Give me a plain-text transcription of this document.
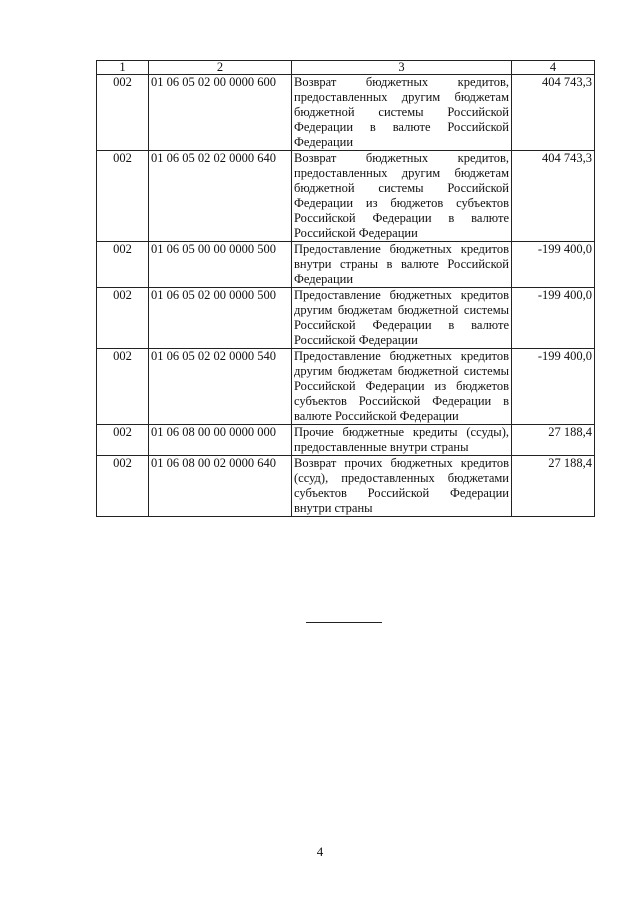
1	2	3	4
002	01 06 05 02 00 0000 600	Возврат бюджетных кредитов, предоставленных другим бюджетам бюджетной системы Российской Федерации в валюте Российской Федерации	404 743,3
002	01 06 05 02 02 0000 640	Возврат бюджетных кредитов, предоставленных другим бюджетам бюджетной системы Российской Федерации из бюджетов субъектов Российской Федерации в валюте Российской Федерации	404 743,3
002	01 06 05 00 00 0000 500	Предоставление бюджетных кредитов внутри страны в валюте Российской Федерации	-199 400,0
002	01 06 05 02 00 0000 500	Предоставление бюджетных кредитов другим бюджетам бюджетной системы Российской Федерации в валюте Российской Федерации	-199 400,0
002	01 06 05 02 02 0000 540	Предоставление бюджетных кредитов другим бюджетам бюджетной системы Российской Федерации из бюджетов субъектов Российской Федерации в валюте Российской Федерации	-199 400,0
002	01 06 08 00 00 0000 000	Прочие бюджетные кредиты (ссуды), предоставленные внутри страны	27 188,4
002	01 06 08 00 02 0000 640	Возврат прочих бюджетных кредитов (ссуд), предоставленных бюджетами субъектов Российской Федерации внутри страны	27 188,4
4
